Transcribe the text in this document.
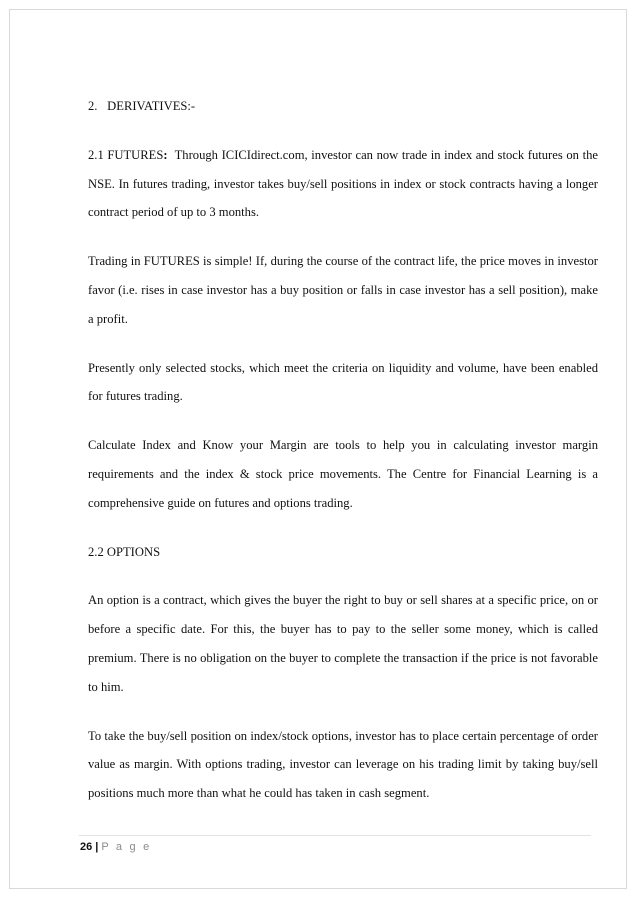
2. DERIVATIVES:-

2.1 FUTURES: Through ICICIdirect.com, investor can now trade in index and stock futures on the NSE. In futures trading, investor takes buy/sell positions in index or stock contracts having a longer contract period of up to 3 months.

Trading in FUTURES is simple! If, during the course of the contract life, the price moves in investor favor (i.e. rises in case investor has a buy position or falls in case investor has a sell position), make a profit.

Presently only selected stocks, which meet the criteria on liquidity and volume, have been enabled for futures trading.

Calculate Index and Know your Margin are tools to help you in calculating investor margin requirements and the index & stock price movements. The Centre for Financial Learning is a comprehensive guide on futures and options trading.

2.2 OPTIONS

An option is a contract, which gives the buyer the right to buy or sell shares at a specific price, on or before a specific date. For this, the buyer has to pay to the seller some money, which is called premium. There is no obligation on the buyer to complete the transaction if the price is not favorable to him.

To take the buy/sell position on index/stock options, investor has to place certain percentage of order value as margin. With options trading, investor can leverage on his trading limit by taking buy/sell positions much more than what he could has taken in cash segment.

26 | P a g e
